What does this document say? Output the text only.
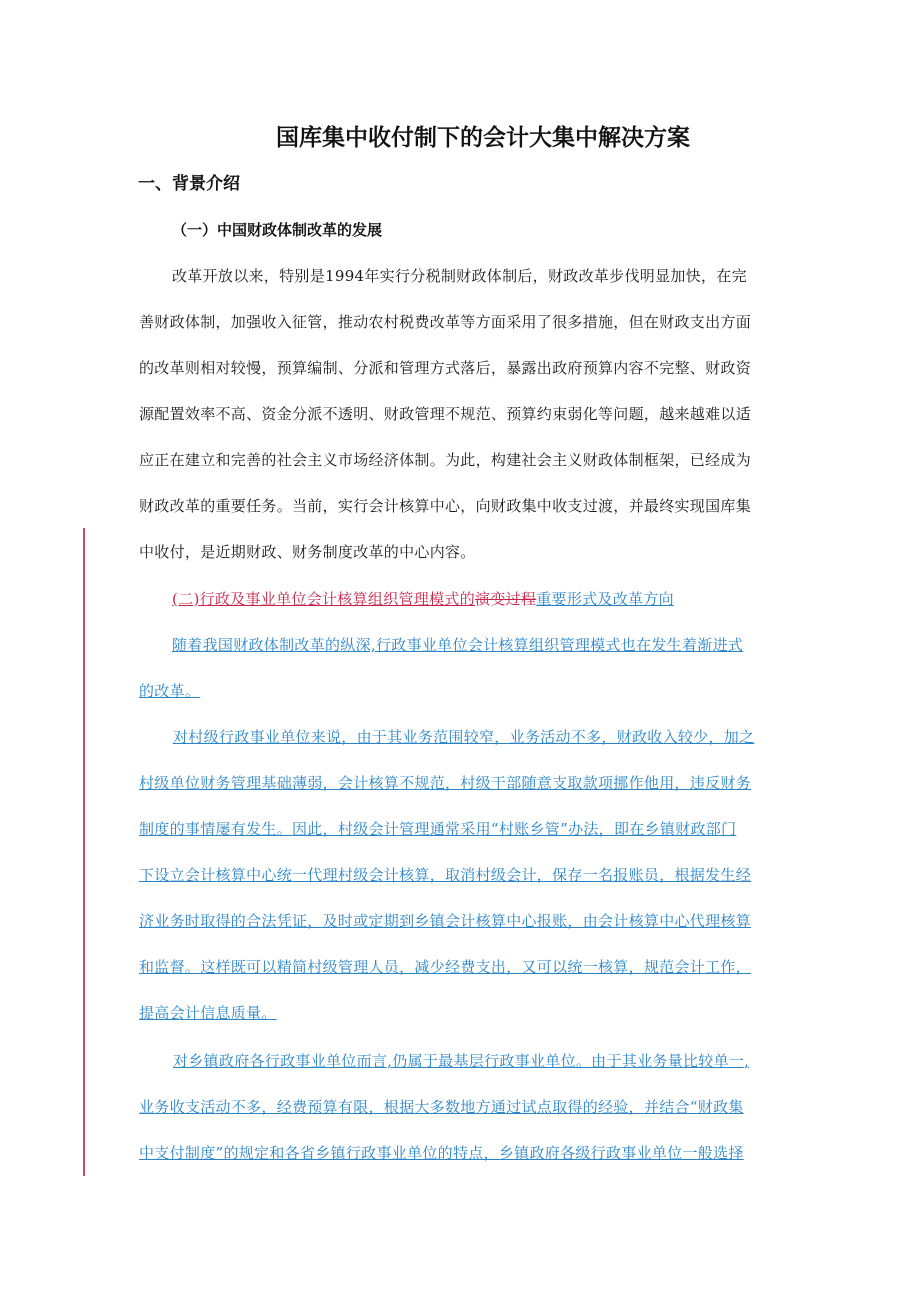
国库集中收付制下的会计大集中解决方案
一、背景介绍
（一）中国财政体制改革的发展
改革开放以来，特别是1994年实行分税制财政体制后，财政改革步伐明显加快，在完
善财政体制，加强收入征管，推动农村税费改革等方面采用了很多措施，但在财政支出方面
的改革则相对较慢，预算编制、分派和管理方式落后，暴露出政府预算内容不完整、财政资
源配置效率不高、资金分派不透明、财政管理不规范、预算约束弱化等问题，越来越难以适
应正在建立和完善的社会主义市场经济体制。为此，构建社会主义财政体制框架，已经成为
财政改革的重要任务。当前，实行会计核算中心，向财政集中收支过渡，并最终实现国库集
中收付，是近期财政、财务制度改革的中心内容。
(二)行政及事业单位会计核算组织管理模式的演变过程重要形式及改革方向
随着我国财政体制改革的纵深,行政事业单位会计核算组织管理模式也在发生着渐进式
的改革。
对村级行政事业单位来说，由于其业务范围较窄，业务活动不多，财政收入较少，加之
村级单位财务管理基础薄弱，会计核算不规范，村级干部随意支取款项挪作他用，违反财务
制度的事情屡有发生。因此，村级会计管理通常采用“村账乡管”办法，即在乡镇财政部门
下设立会计核算中心统一代理村级会计核算，取消村级会计，保存一名报账员，根据发生经
济业务时取得的合法凭证，及时或定期到乡镇会计核算中心报账，由会计核算中心代理核算
和监督。这样既可以精简村级管理人员，减少经费支出，又可以统一核算，规范会计工作，
提高会计信息质量。
对乡镇政府各行政事业单位而言,仍属于最基层行政事业单位。由于其业务量比较单一,
业务收支活动不多，经费预算有限，根据大多数地方通过试点取得的经验，并结合“财政集
中支付制度”的规定和各省乡镇行政事业单位的特点，乡镇政府各级行政事业单位一般选择
